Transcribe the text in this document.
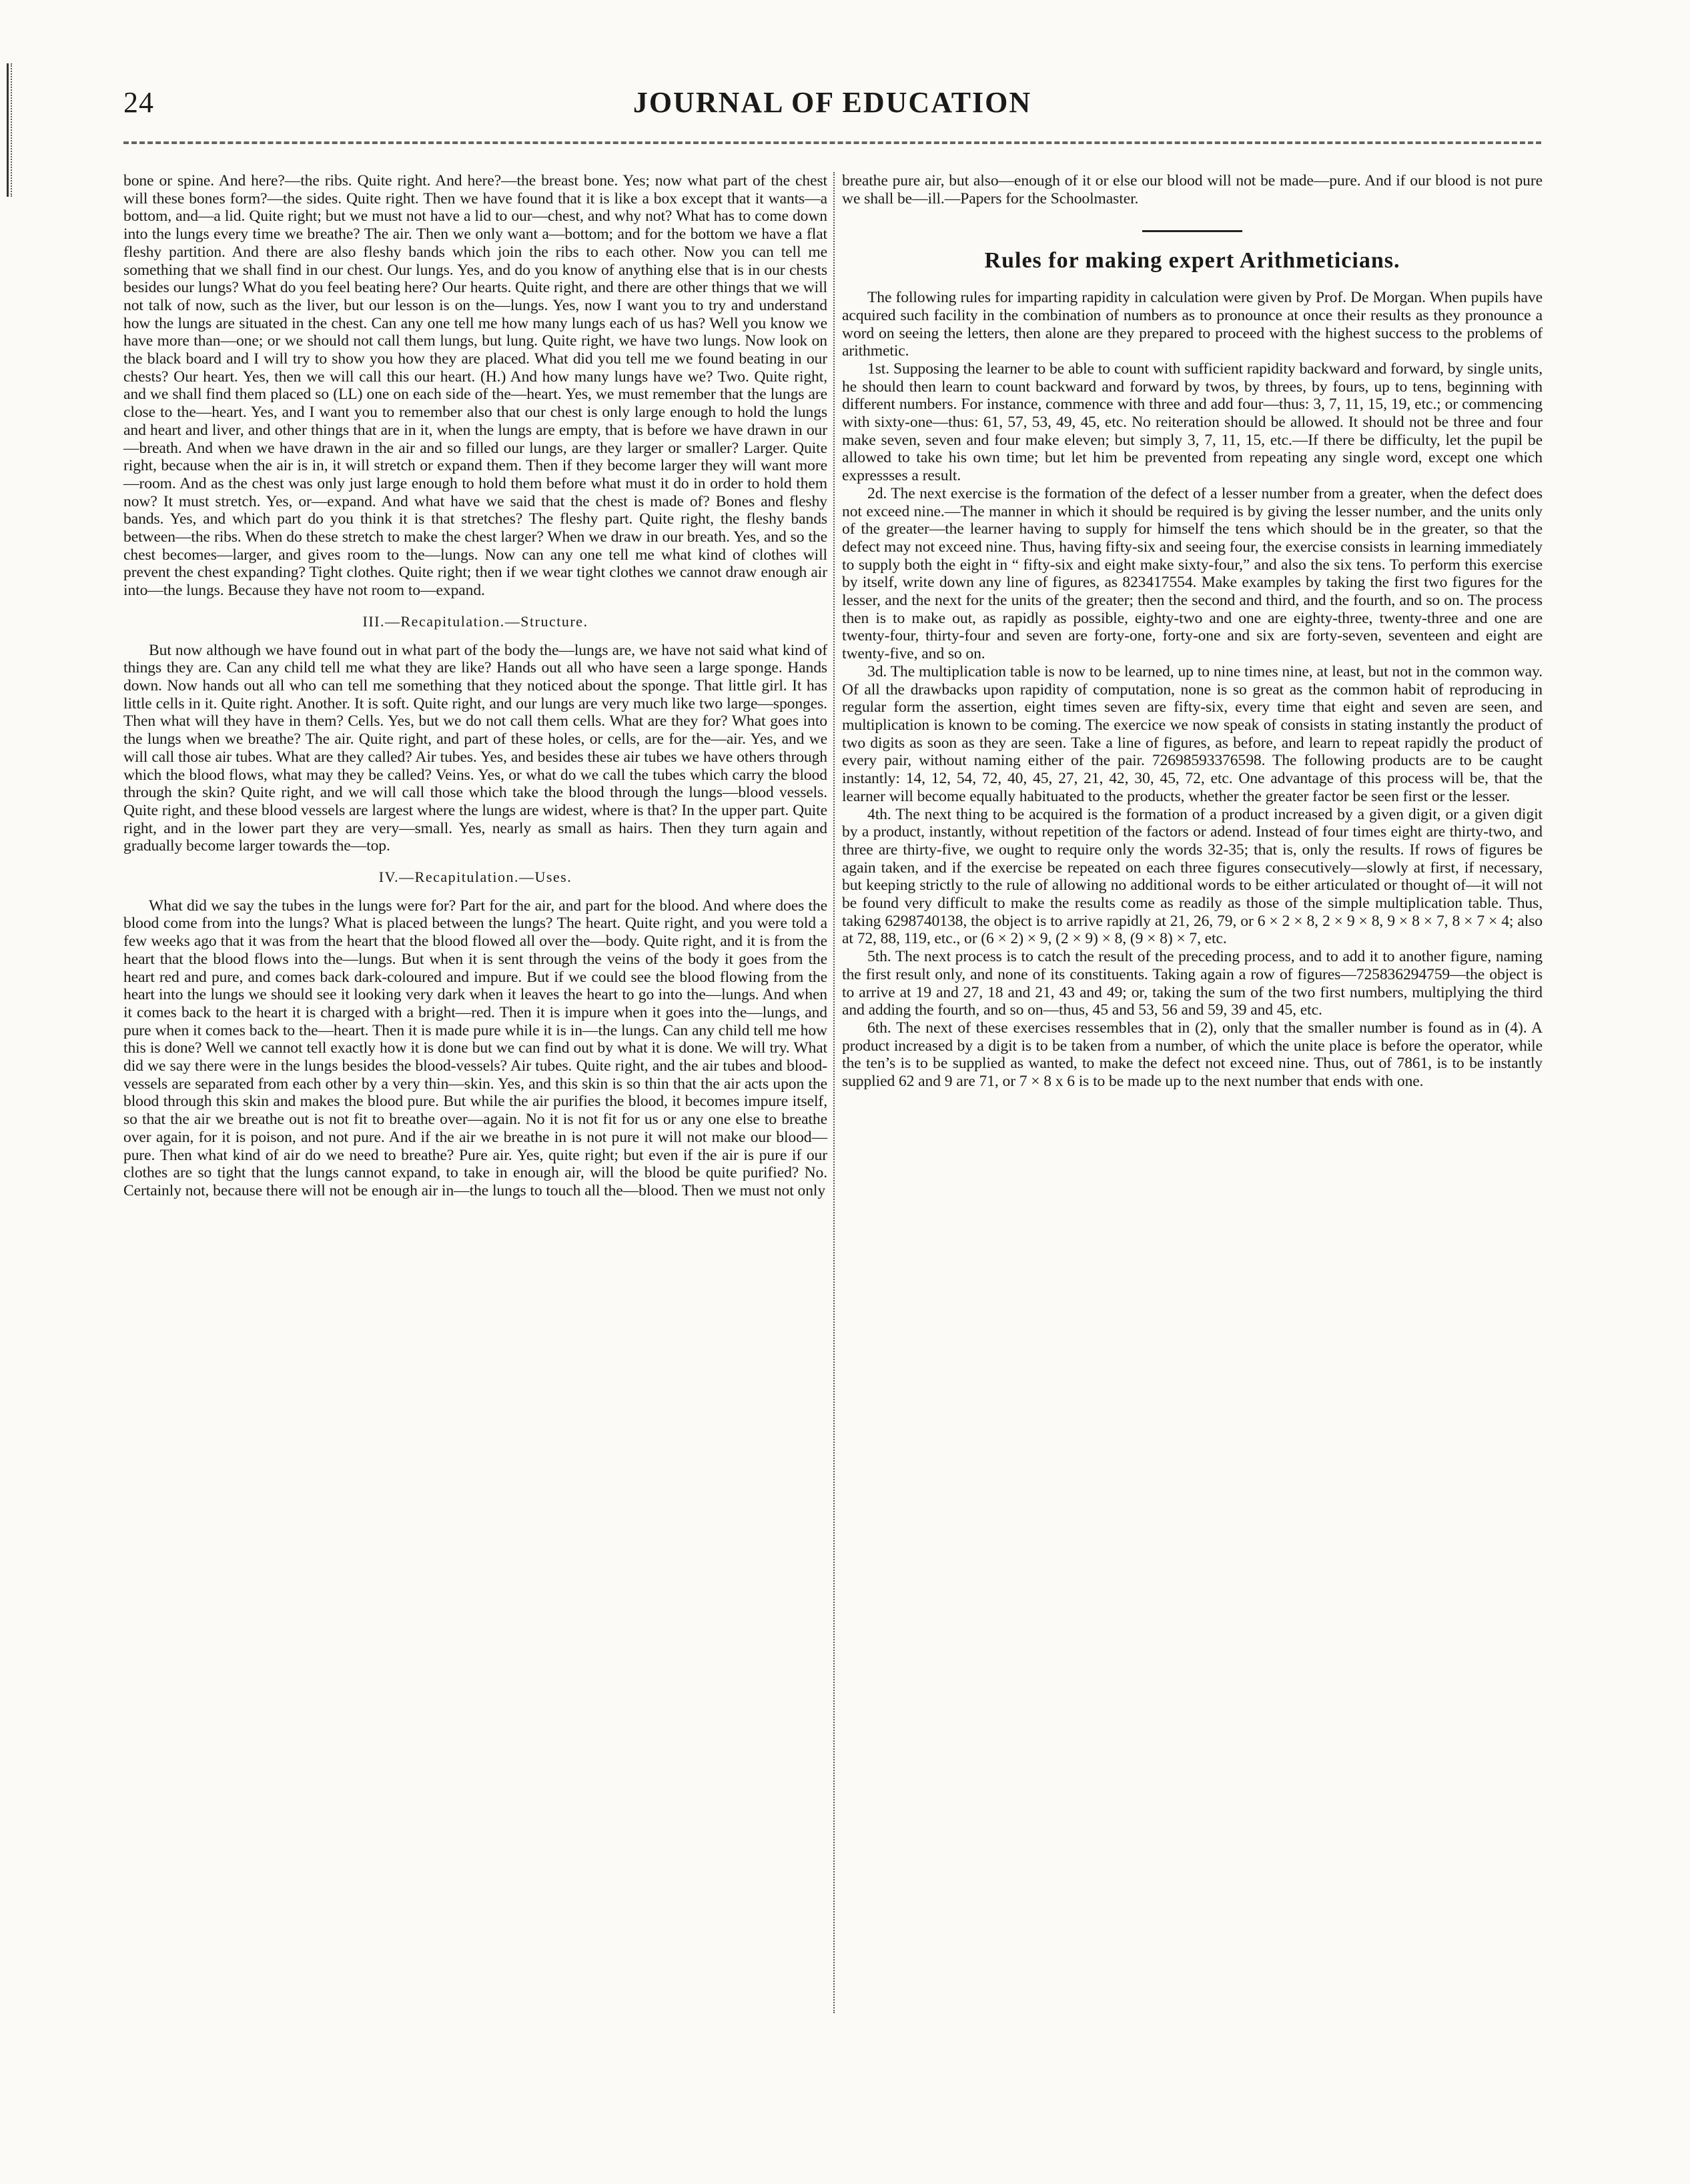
24	JOURNAL OF EDUCATION

bone or spine. And here?—the ribs. Quite right. And here?—the breast bone. Yes; now what part of the chest will these bones form?—the sides. Quite right. Then we have found that it is like a box except that it wants—a bottom, and—a lid. Quite right; but we must not have a lid to our—chest, and why not? What has to come down into the lungs every time we breathe? The air. Then we only want a—bottom; and for the bottom we have a flat fleshy partition. And there are also fleshy bands which join the ribs to each other. Now you can tell me something that we shall find in our chest. Our lungs. Yes, and do you know of anything else that is in our chests besides our lungs? What do you feel beating here? Our hearts. Quite right, and there are other things that we will not talk of now, such as the liver, but our lesson is on the—lungs. Yes, now I want you to try and understand how the lungs are situated in the chest. Can any one tell me how many lungs each of us has? Well you know we have more than—one; or we should not call them lungs, but lung. Quite right, we have two lungs. Now look on the black board and I will try to show you how they are placed. What did you tell me we found beating in our chests? Our heart. Yes, then we will call this our heart. (H.) And how many lungs have we? Two. Quite right, and we shall find them placed so (LL) one on each side of the—heart. Yes, we must remember that the lungs are close to the—heart. Yes, and I want you to remember also that our chest is only large enough to hold the lungs and heart and liver, and other things that are in it, when the lungs are empty, that is before we have drawn in our—breath. And when we have drawn in the air and so filled our lungs, are they larger or smaller? Larger. Quite right, because when the air is in, it will stretch or expand them. Then if they become larger they will want more—room. And as the chest was only just large enough to hold them before what must it do in order to hold them now? It must stretch. Yes, or—expand. And what have we said that the chest is made of? Bones and fleshy bands. Yes, and which part do you think it is that stretches? The fleshy part. Quite right, the fleshy bands between—the ribs. When do these stretch to make the chest larger? When we draw in our breath. Yes, and so the chest becomes—larger, and gives room to the—lungs. Now can any one tell me what kind of clothes will prevent the chest expanding? Tight clothes. Quite right; then if we wear tight clothes we cannot draw enough air into—the lungs. Because they have not room to—expand.

III.—Recapitulation.—Structure.

But now although we have found out in what part of the body the—lungs are, we have not said what kind of things they are. Can any child tell me what they are like? Hands out all who have seen a large sponge. Hands down. Now hands out all who can tell me something that they noticed about the sponge. That little girl. It has little cells in it. Quite right. Another. It is soft. Quite right, and our lungs are very much like two large—sponges. Then what will they have in them? Cells. Yes, but we do not call them cells. What are they for? What goes into the lungs when we breathe? The air. Quite right, and part of these holes, or cells, are for the—air. Yes, and we will call those air tubes. What are they called? Air tubes. Yes, and besides these air tubes we have others through which the blood flows, what may they be called? Veins. Yes, or what do we call the tubes which carry the blood through the skin? Quite right, and we will call those which take the blood through the lungs—blood vessels. Quite right, and these blood vessels are largest where the lungs are widest, where is that? In the upper part. Quite right, and in the lower part they are very—small. Yes, nearly as small as hairs. Then they turn again and gradually become larger towards the—top.

IV.—Recapitulation.—Uses.

What did we say the tubes in the lungs were for? Part for the air, and part for the blood. And where does the blood come from into the lungs? What is placed between the lungs? The heart. Quite right, and you were told a few weeks ago that it was from the heart that the blood flowed all over the—body. Quite right, and it is from the heart that the blood flows into the—lungs. But when it is sent through the veins of the body it goes from the heart red and pure, and comes back dark-coloured and impure. But if we could see the blood flowing from the heart into the lungs we should see it looking very dark when it leaves the heart to go into the—lungs. And when it comes back to the heart it is charged with a bright—red. Then it is impure when it goes into the—lungs, and pure when it comes back to the—heart. Then it is made pure while it is in—the lungs. Can any child tell me how this is done? Well we cannot tell exactly how it is done but we can find out by what it is done. We will try. What did we say there were in the lungs besides the blood-vessels? Air tubes. Quite right, and the air tubes and blood-vessels are separated from each other by a very thin—skin. Yes, and this skin is so thin that the air acts upon the blood through this skin and makes the blood pure. But while the air purifies the blood, it becomes impure itself, so that the air we breathe out is not fit to breathe over—again. No it is not fit for us or any one else to breathe over again, for it is poison, and not pure. And if the air we breathe in is not pure it will not make our blood—pure. Then what kind of air do we need to breathe? Pure air. Yes, quite right; but even if the air is pure if our clothes are so tight that the lungs cannot expand, to take in enough air, will the blood be quite purified? No. Certainly not, because there will not be enough air in—the lungs to touch all the—blood. Then we must not only

breathe pure air, but also—enough of it or else our blood will not be made—pure. And if our blood is not pure we shall be—ill.—Papers for the Schoolmaster.

Rules for making expert Arithmeticians.

The following rules for imparting rapidity in calculation were given by Prof. De Morgan. When pupils have acquired such facility in the combination of numbers as to pronounce at once their results as they pronounce a word on seeing the letters, then alone are they prepared to proceed with the highest success to the problems of arithmetic.

1st. Supposing the learner to be able to count with sufficient rapidity backward and forward, by single units, he should then learn to count backward and forward by twos, by threes, by fours, up to tens, beginning with different numbers. For instance, commence with three and add four—thus: 3, 7, 11, 15, 19, etc.; or commencing with sixty-one—thus: 61, 57, 53, 49, 45, etc. No reiteration should be allowed. It should not be three and four make seven, seven and four make eleven; but simply 3, 7, 11, 15, etc.—If there be difficulty, let the pupil be allowed to take his own time; but let him be prevented from repeating any single word, except one which expressses a result.

2d. The next exercise is the formation of the defect of a lesser number from a greater, when the defect does not exceed nine.—The manner in which it should be required is by giving the lesser number, and the units only of the greater—the learner having to supply for himself the tens which should be in the greater, so that the defect may not exceed nine. Thus, having fifty-six and seeing four, the exercise consists in learning immediately to supply both the eight in “ fifty-six and eight make sixty-four,” and also the six tens. To perform this exercise by itself, write down any line of figures, as 823417554. Make examples by taking the first two figures for the lesser, and the next for the units of the greater; then the second and third, and the fourth, and so on. The process then is to make out, as rapidly as possible, eighty-two and one are eighty-three, twenty-three and one are twenty-four, thirty-four and seven are forty-one, forty-one and six are forty-seven, seventeen and eight are twenty-five, and so on.

3d. The multiplication table is now to be learned, up to nine times nine, at least, but not in the common way. Of all the drawbacks upon rapidity of computation, none is so great as the common habit of reproducing in regular form the assertion, eight times seven are fifty-six, every time that eight and seven are seen, and multiplication is known to be coming. The exercice we now speak of consists in stating instantly the product of two digits as soon as they are seen. Take a line of figures, as before, and learn to repeat rapidly the product of every pair, without naming either of the pair. 72698593376598. The following products are to be caught instantly: 14, 12, 54, 72, 40, 45, 27, 21, 42, 30, 45, 72, etc. One advantage of this process will be, that the learner will become equally habituated to the products, whether the greater factor be seen first or the lesser.

4th. The next thing to be acquired is the formation of a product increased by a given digit, or a given digit by a product, instantly, without repetition of the factors or adend. Instead of four times eight are thirty-two, and three are thirty-five, we ought to require only the words 32-35; that is, only the results. If rows of figures be again taken, and if the exercise be repeated on each three figures consecutively—slowly at first, if necessary, but keeping strictly to the rule of allowing no additional words to be either articulated or thought of—it will not be found very difficult to make the results come as readily as those of the simple multiplication table. Thus, taking 6298740138, the object is to arrive rapidly at 21, 26, 79, or 6 × 2 × 8, 2 × 9 × 8, 9 × 8 × 7, 8 × 7 × 4; also at 72, 88, 119, etc., or (6 × 2) × 9, (2 × 9) × 8, (9 × 8) × 7, etc.

5th. The next process is to catch the result of the preceding process, and to add it to another figure, naming the first result only, and none of its constituents. Taking again a row of figures—725836294759—the object is to arrive at 19 and 27, 18 and 21, 43 and 49; or, taking the sum of the two first numbers, multiplying the third and adding the fourth, and so on—thus, 45 and 53, 56 and 59, 39 and 45, etc.

6th. The next of these exercises ressembles that in (2), only that the smaller number is found as in (4). A product increased by a digit is to be taken from a number, of which the unite place is before the operator, while the ten’s is to be supplied as wanted, to make the defect not exceed nine. Thus, out of 7861, is to be instantly supplied 62 and 9 are 71, or 7 × 8 x 6 is to be made up to the next number that ends with one.
